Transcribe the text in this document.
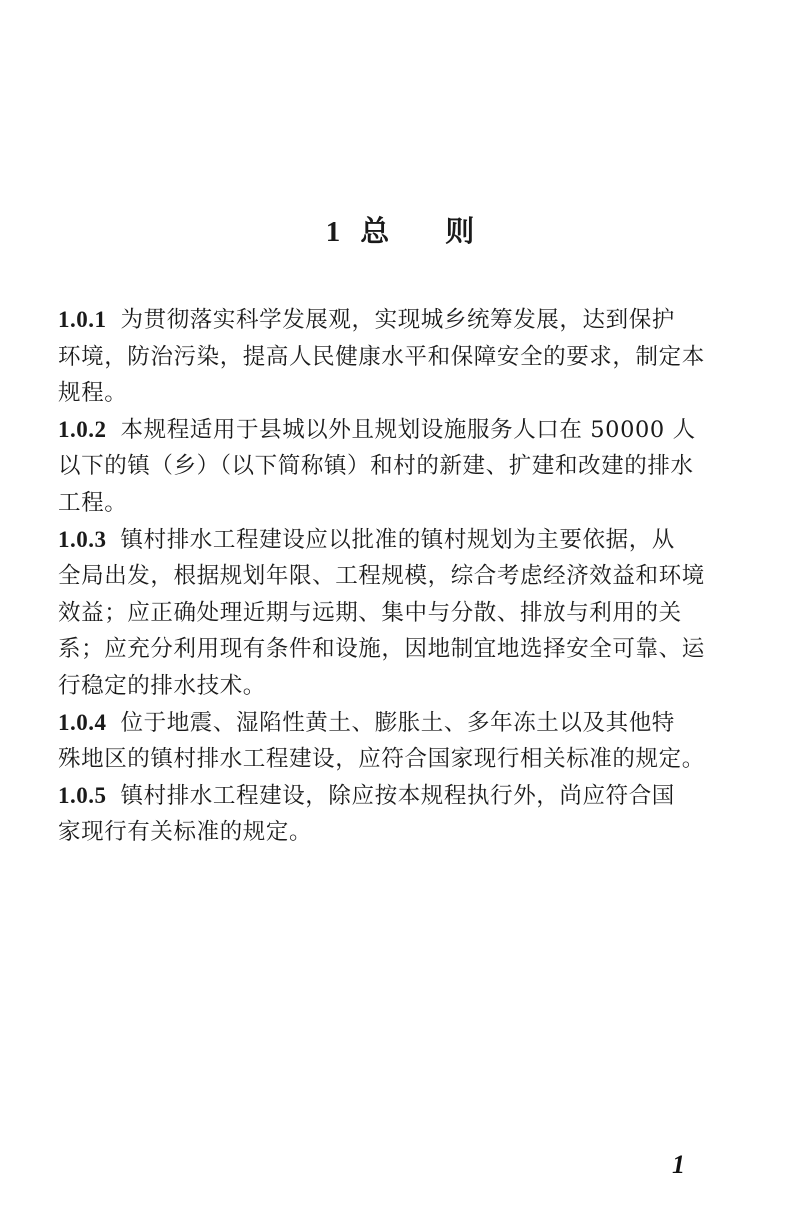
1 总 则
1.0.1 为贯彻落实科学发展观，实现城乡统筹发展，达到保护
环境，防治污染，提高人民健康水平和保障安全的要求，制定本
规程。
1.0.2 本规程适用于县城以外且规划设施服务人口在 50000 人
以下的镇（乡）（以下简称镇）和村的新建、扩建和改建的排水
工程。
1.0.3 镇村排水工程建设应以批准的镇村规划为主要依据，从
全局出发，根据规划年限、工程规模，综合考虑经济效益和环境
效益；应正确处理近期与远期、集中与分散、排放与利用的关
系；应充分利用现有条件和设施，因地制宜地选择安全可靠、运
行稳定的排水技术。
1.0.4 位于地震、湿陷性黄土、膨胀土、多年冻土以及其他特
殊地区的镇村排水工程建设，应符合国家现行相关标准的规定。
1.0.5 镇村排水工程建设，除应按本规程执行外，尚应符合国
家现行有关标准的规定。
1
